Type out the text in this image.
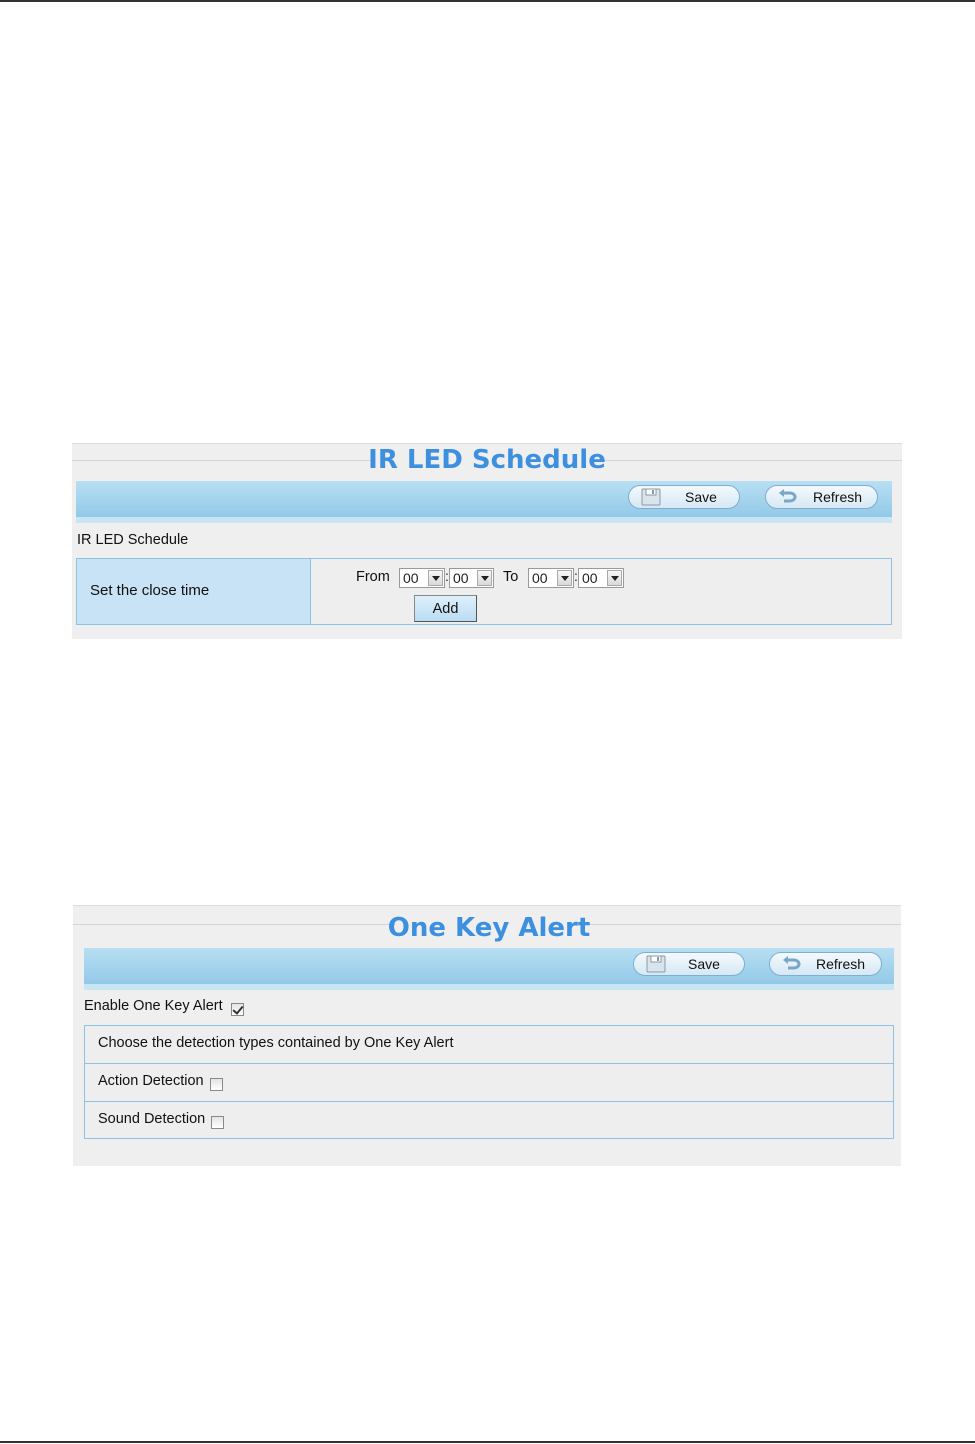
IR LED Schedule
Save	Refresh
IR LED Schedule
Set the close time
From 00 : 00 To 00 : 00
Add
One Key Alert
Save	Refresh
Enable One Key Alert
Choose the detection types contained by One Key Alert
Action Detection
Sound Detection
